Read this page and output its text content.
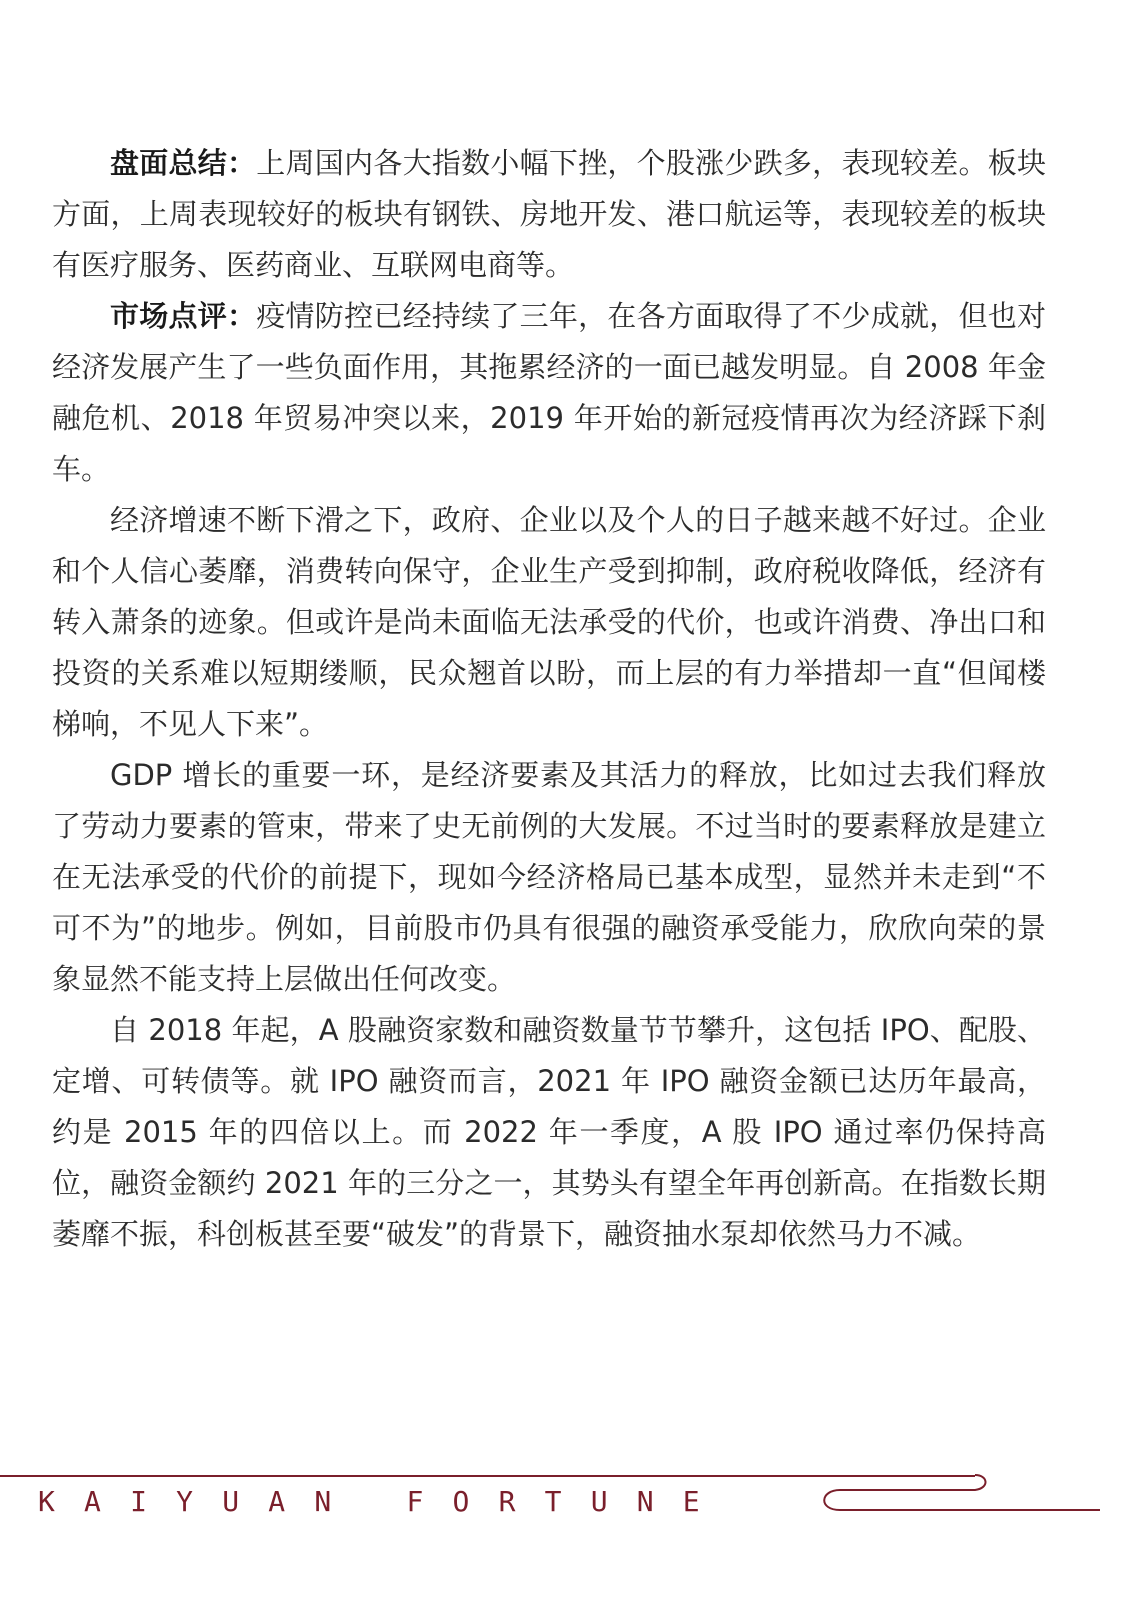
盘面总结：上周国内各大指数小幅下挫，个股涨少跌多，表现较差。板块方面，上周表现较好的板块有钢铁、房地开发、港口航运等，表现较差的板块有医疗服务、医药商业、互联网电商等。

市场点评：疫情防控已经持续了三年，在各方面取得了不少成就，但也对经济发展产生了一些负面作用，其拖累经济的一面已越发明显。自 2008 年金融危机、2018 年贸易冲突以来，2019 年开始的新冠疫情再次为经济踩下刹车。

经济增速不断下滑之下，政府、企业以及个人的日子越来越不好过。企业和个人信心萎靡，消费转向保守，企业生产受到抑制，政府税收降低，经济有转入萧条的迹象。但或许是尚未面临无法承受的代价，也或许消费、净出口和投资的关系难以短期缕顺，民众翘首以盼，而上层的有力举措却一直“但闻楼梯响，不见人下来”。

GDP 增长的重要一环，是经济要素及其活力的释放，比如过去我们释放了劳动力要素的管束，带来了史无前例的大发展。不过当时的要素释放是建立在无法承受的代价的前提下，现如今经济格局已基本成型，显然并未走到“不可不为”的地步。例如，目前股市仍具有很强的融资承受能力，欣欣向荣的景象显然不能支持上层做出任何改变。

自 2018 年起，A 股融资家数和融资数量节节攀升，这包括 IPO、配股、定增、可转债等。就 IPO 融资而言，2021 年 IPO 融资金额已达历年最高，约是 2015 年的四倍以上。而 2022 年一季度，A 股 IPO 通过率仍保持高位，融资金额约 2021 年的三分之一，其势头有望全年再创新高。在指数长期萎靡不振，科创板甚至要“破发”的背景下，融资抽水泵却依然马力不减。

KAIYUAN FORTUNE
